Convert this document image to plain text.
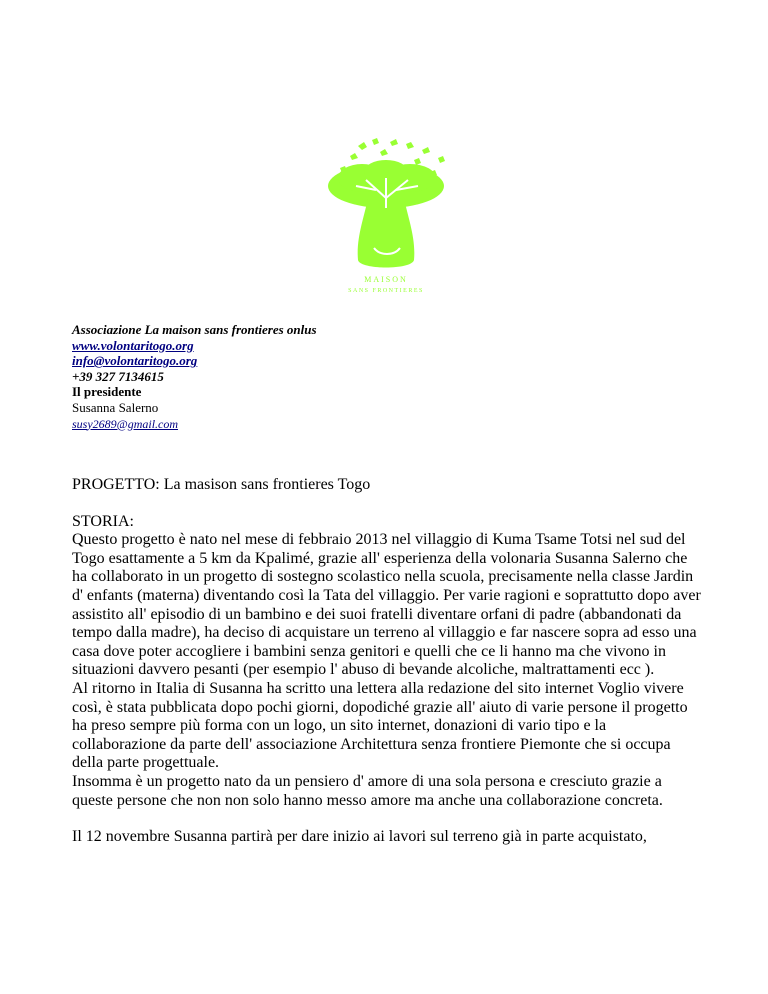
MAISON
SANS FRONTIERES
Associazione La maison sans frontieres onlus
www.volontaritogo.org
info@volontaritogo.org
+39 327 7134615
Il presidente
Susanna Salerno
susy2689@gmail.com

PROGETTO: La masison sans frontieres Togo

STORIA:

Questo progetto è nato nel mese di febbraio 2013 nel villaggio di Kuma Tsame Totsi nel sud del Togo esattamente a 5 km da Kpalimé, grazie all' esperienza della volonaria Susanna Salerno che ha collaborato in un progetto di sostegno scolastico nella scuola, precisamente nella classe Jardin d' enfants (materna) diventando così la Tata del villaggio. Per varie ragioni e soprattutto dopo aver assistito all' episodio di un bambino e dei suoi fratelli diventare orfani di padre (abbandonati da tempo dalla madre), ha deciso di acquistare un terreno al villaggio e far nascere sopra ad esso una casa dove poter accogliere i bambini senza genitori e quelli che ce li hanno ma che vivono in situazioni davvero pesanti (per esempio l' abuso di bevande alcoliche, maltrattamenti ecc ).

Al ritorno in Italia di Susanna ha scritto una lettera alla redazione del sito internet Voglio vivere così, è stata pubblicata dopo pochi giorni, dopodiché grazie all' aiuto di varie persone il progetto ha preso sempre più forma con un logo, un sito internet, donazioni di vario tipo e la collaborazione da parte dell' associazione Architettura senza frontiere Piemonte che si occupa della parte progettuale.

Insomma è un progetto nato da un pensiero d' amore di una sola persona e cresciuto grazie a queste persone che non non solo hanno messo amore ma anche una collaborazione concreta.

Il 12 novembre Susanna partirà per dare inizio ai lavori sul terreno già in parte acquistato,
